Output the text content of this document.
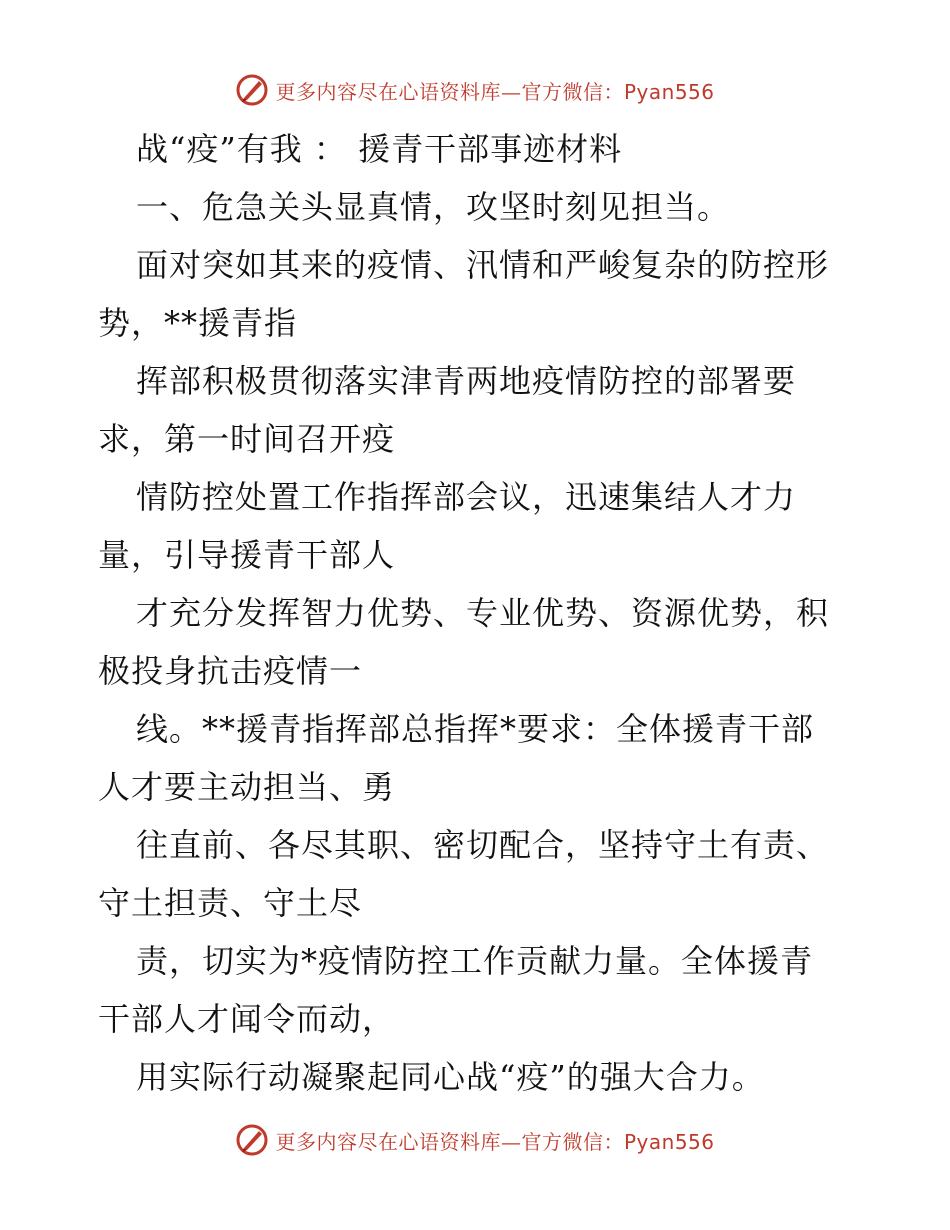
更多内容尽在心语资料库—官方微信：Pyan556
战“疫”有我 ： 援青干部事迹材料
一、危急关头显真情，攻坚时刻见担当。
面对突如其来的疫情、汛情和严峻复杂的防控形
势，**援青指
挥部积极贯彻落实津青两地疫情防控的部署要
求，第一时间召开疫
情防控处置工作指挥部会议，迅速集结人才力
量，引导援青干部人
才充分发挥智力优势、专业优势、资源优势，积
极投身抗击疫情一
线。**援青指挥部总指挥*要求：全体援青干部
人才要主动担当、勇
往直前、各尽其职、密切配合，坚持守土有责、
守土担责、守土尽
责，切实为*疫情防控工作贡献力量。全体援青
干部人才闻令而动，
用实际行动凝聚起同心战“疫”的强大合力。
更多内容尽在心语资料库—官方微信：Pyan556
